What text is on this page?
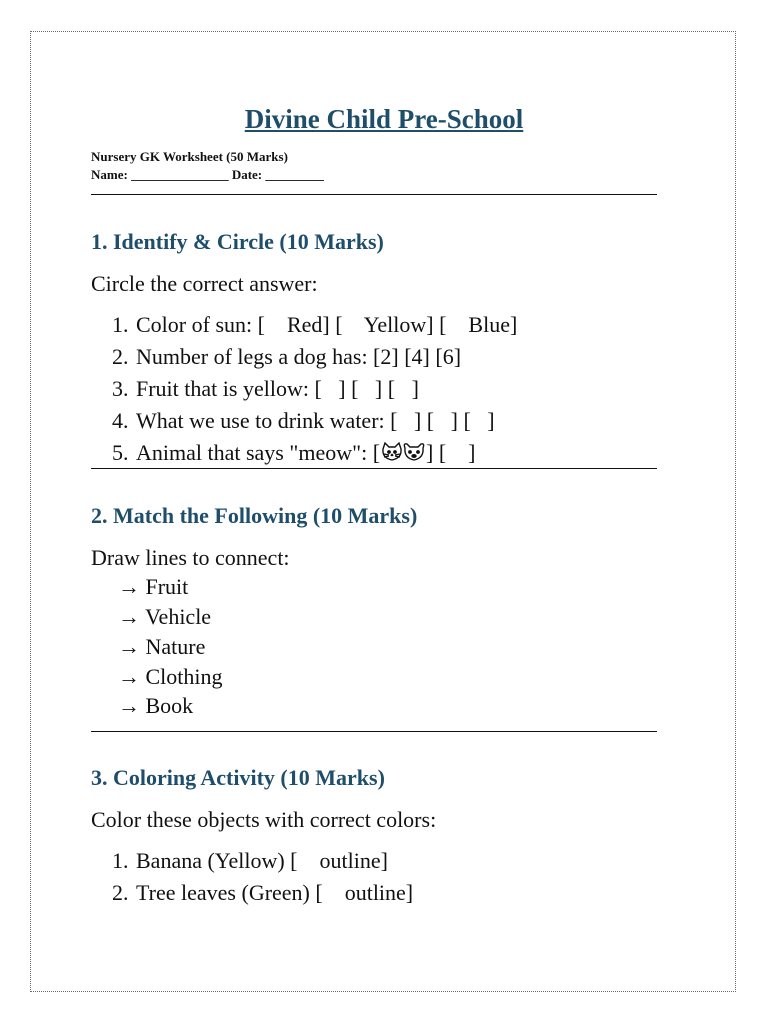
Divine Child Pre-School
Nursery GK Worksheet (50 Marks)
Name: _______________ Date: _________
1. Identify & Circle (10 Marks)
Circle the correct answer:
1. Color of sun: [    Red] [    Yellow] [    Blue]
2. Number of legs a dog has: [2] [4] [6]
3. Fruit that is yellow: [   ] [   ] [   ]
4. What we use to drink water: [   ] [   ] [   ]
5. Animal that says "meow": [ ] [    ]
2. Match the Following (10 Marks)
Draw lines to connect:
→ Fruit
→ Vehicle
→ Nature
→ Clothing
→ Book
3. Coloring Activity (10 Marks)
Color these objects with correct colors:
1. Banana (Yellow) [    outline]
2. Tree leaves (Green) [    outline]
